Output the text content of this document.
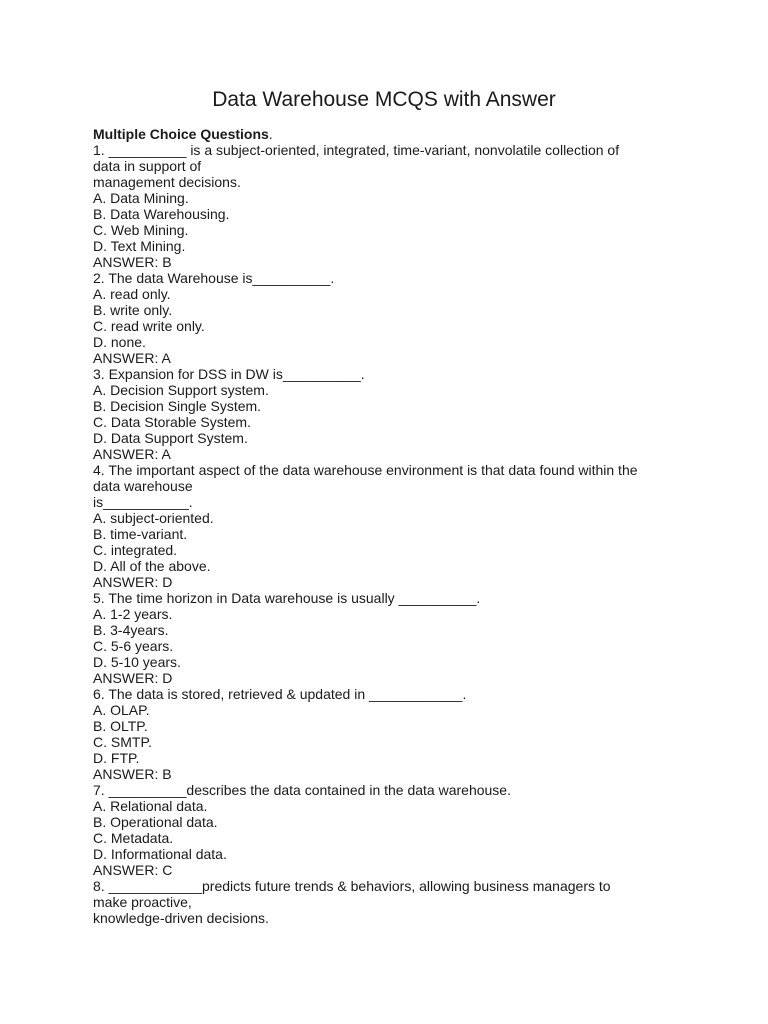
Data Warehouse MCQS with Answer

Multiple Choice Questions.

1. __________ is a subject-oriented, integrated, time-variant, nonvolatile collection of

data in support of

management decisions.

A. Data Mining.

B. Data Warehousing.

C. Web Mining.

D. Text Mining.

ANSWER: B

2. The data Warehouse is__________.

A. read only.

B. write only.

C. read write only.

D. none.

ANSWER: A

3. Expansion for DSS in DW is__________.

A. Decision Support system.

B. Decision Single System.

C. Data Storable System.

D. Data Support System.

ANSWER: A

4. The important aspect of the data warehouse environment is that data found within the

data warehouse

is___________.

A. subject-oriented.

B. time-variant.

C. integrated.

D. All of the above.

ANSWER: D

5. The time horizon in Data warehouse is usually __________.

A. 1-2 years.

B. 3-4years.

C. 5-6 years.

D. 5-10 years.

ANSWER: D

6. The data is stored, retrieved & updated in ____________.

A. OLAP.

B. OLTP.

C. SMTP.

D. FTP.

ANSWER: B

7. __________describes the data contained in the data warehouse.

A. Relational data.

B. Operational data.

C. Metadata.

D. Informational data.

ANSWER: C

8. ____________predicts future trends & behaviors, allowing business managers to

make proactive,

knowledge-driven decisions.
